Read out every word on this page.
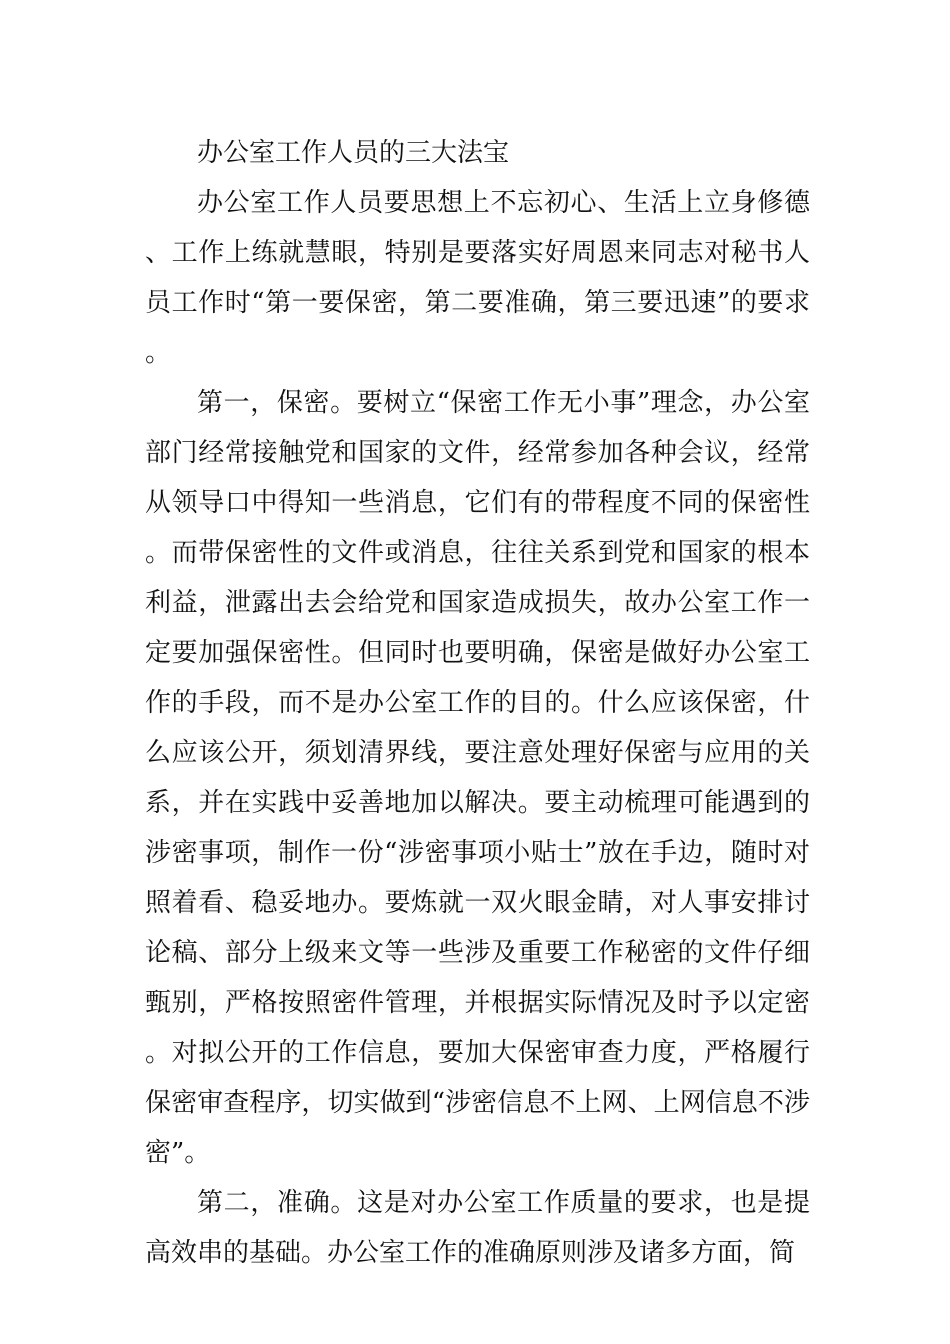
办公室工作人员的三大法宝

办公室工作人员要思想上不忘初心、生活上立身修德、工作上练就慧眼，特别是要落实好周恩来同志对秘书人员工作时“第一要保密，第二要准确，第三要迅速”的要求。

第一，保密。要树立“保密工作无小事”理念，办公室部门经常接触党和国家的文件，经常参加各种会议，经常从领导口中得知一些消息，它们有的带程度不同的保密性。而带保密性的文件或消息，往往关系到党和国家的根本利益，泄露出去会给党和国家造成损失，故办公室工作一定要加强保密性。但同时也要明确，保密是做好办公室工作的手段，而不是办公室工作的目的。什么应该保密，什么应该公开，须划清界线，要注意处理好保密与应用的关系，并在实践中妥善地加以解决。要主动梳理可能遇到的涉密事项，制作一份“涉密事项小贴士”放在手边，随时对照着看、稳妥地办。要炼就一双火眼金睛，对人事安排讨论稿、部分上级来文等一些涉及重要工作秘密的文件仔细甄别，严格按照密件管理，并根据实际情况及时予以定密。对拟公开的工作信息，要加大保密审查力度，严格履行保密审查程序，切实做到“涉密信息不上网、上网信息不涉密”。

第二，准确。这是对办公室工作质量的要求，也是提高效串的基础。办公室工作的准确原则涉及诸多方面，简
